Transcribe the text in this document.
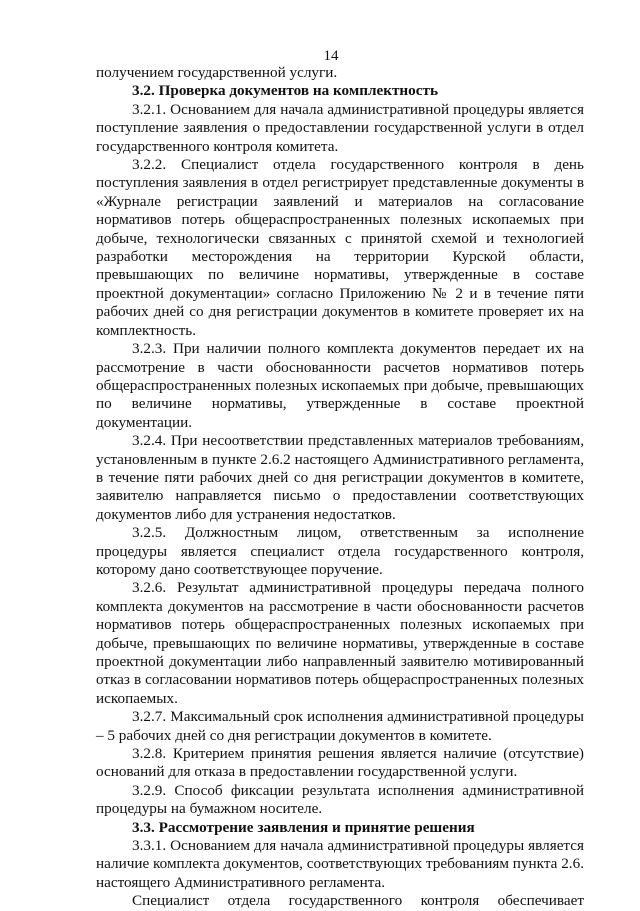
14

получением государственной услуги.

3.2. Проверка документов на комплектность

3.2.1. Основанием для начала административной процедуры является поступление заявления о предоставлении государственной услуги в отдел государственного контроля комитета.

3.2.2. Специалист отдела государственного контроля в день поступления заявления в отдел регистрирует представленные документы в «Журнале регистрации заявлений и материалов на согласование нормативов потерь общераспространенных полезных ископаемых при добыче, технологически связанных с принятой схемой и технологией разработки месторождения на территории Курской области, превышающих по величине нормативы, утвержденные в составе проектной документации» согласно Приложению № 2 и в течение пяти рабочих дней со дня регистрации документов в комитете проверяет их на комплектность.

3.2.3. При наличии полного комплекта документов передает их на рассмотрение в части обоснованности расчетов нормативов потерь общераспространенных полезных ископаемых при добыче, превышающих по величине нормативы, утвержденные в составе проектной документации.

3.2.4. При несоответствии представленных материалов требованиям, установленным в пункте 2.6.2 настоящего Административного регламента, в течение пяти рабочих дней со дня регистрации документов в комитете, заявителю направляется письмо о предоставлении соответствующих документов либо для устранения недостатков.

3.2.5. Должностным лицом, ответственным за исполнение процедуры является специалист отдела государственного контроля, которому дано соответствующее поручение.

3.2.6. Результат административной процедуры передача полного комплекта документов на рассмотрение в части обоснованности расчетов нормативов потерь общераспространенных полезных ископаемых при добыче, превышающих по величине нормативы, утвержденные в составе проектной документации либо направленный заявителю мотивированный отказ в согласовании нормативов потерь общераспространенных полезных ископаемых.

3.2.7. Максимальный срок исполнения административной процедуры – 5 рабочих дней со дня регистрации документов в комитете.

3.2.8. Критерием принятия решения является наличие (отсутствие) оснований для отказа в предоставлении государственной услуги.

3.2.9. Способ фиксации результата исполнения административной процедуры на бумажном носителе.

3.3. Рассмотрение заявления и принятие решения

3.3.1. Основанием для начала административной процедуры является наличие комплекта документов, соответствующих требованиям пункта 2.6. настоящего Административного регламента.

Специалист отдела государственного контроля обеспечивает
